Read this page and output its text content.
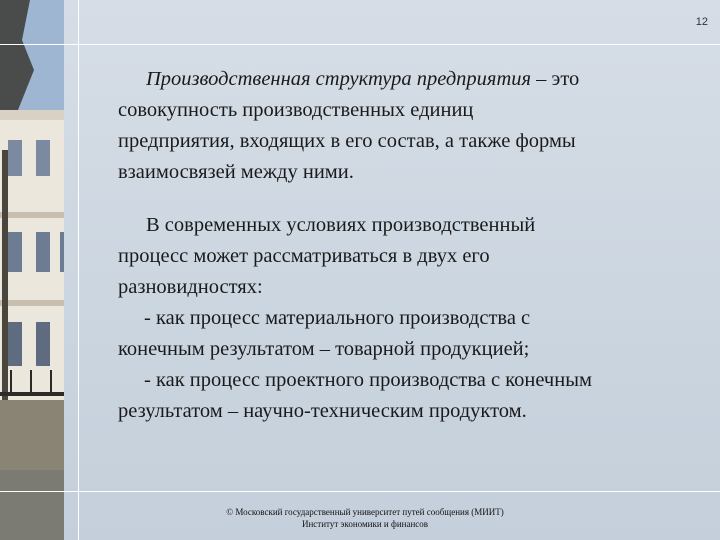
12

Производственная структура предприятия – это
совокупность производственных единиц
предприятия, входящих в его состав, а также формы
взаимосвязей между ними.

В современных условиях производственный
процесс может рассматриваться в двух его
разновидностях:
- как процесс материального производства с
конечным результатом – товарной продукцией;
- как процесс проектного производства с конечным
результатом – научно-техническим продуктом.

© Московский государственный университет путей сообщения (МИИТ)
Институт экономики и финансов
